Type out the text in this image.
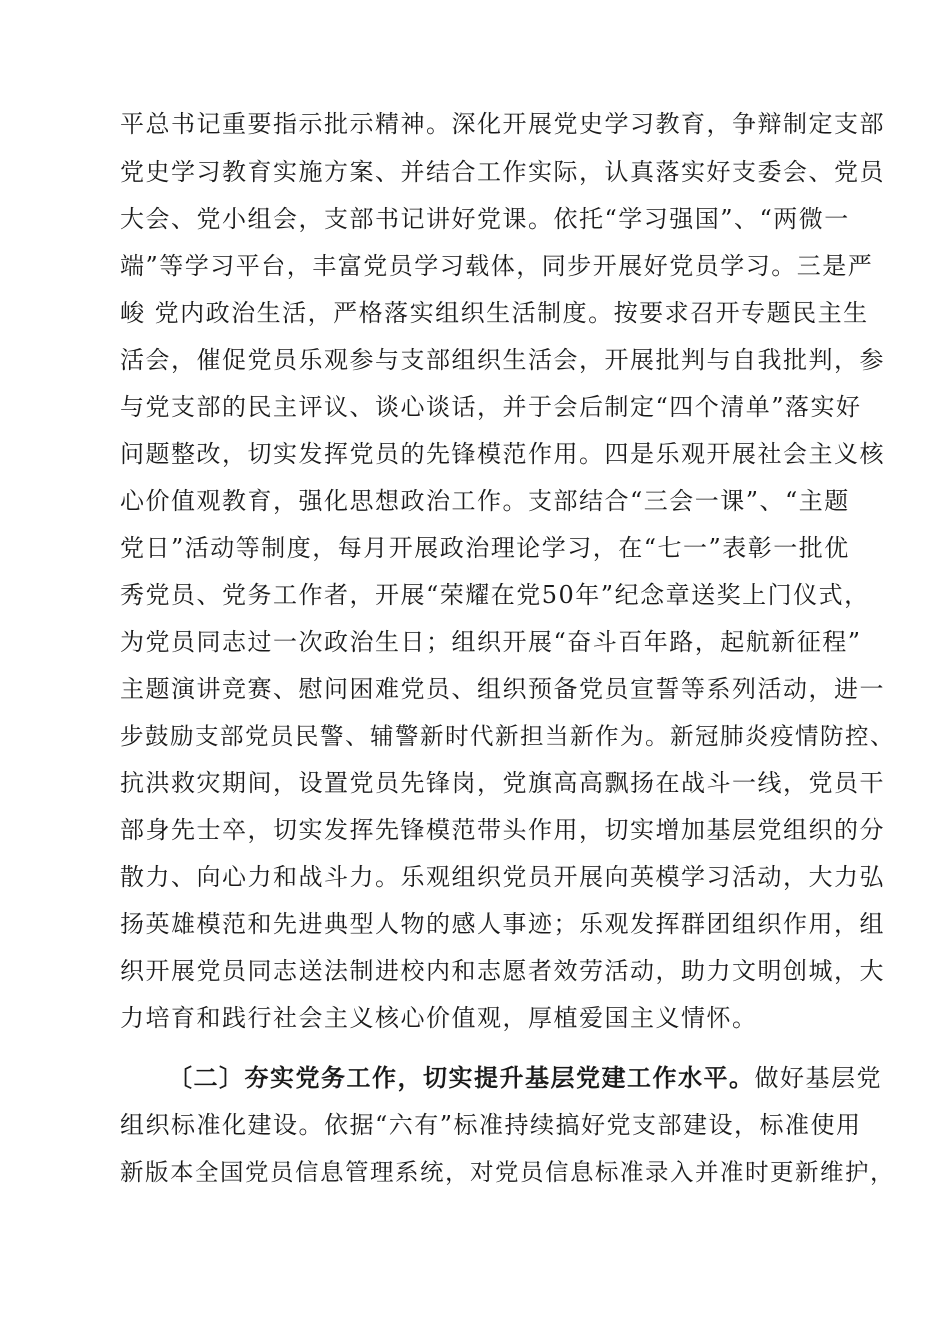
平总书记重要指示批示精神。深化开展党史学习教育，争辩制定支部
党史学习教育实施方案、并结合工作实际，认真落实好支委会、党员
大会、党小组会，支部书记讲好党课。依托“学习强国”、“两微一
端”等学习平台，丰富党员学习载体，同步开展好党员学习。三是严
峻 党内政治生活，严格落实组织生活制度。按要求召开专题民主生
活会，催促党员乐观参与支部组织生活会，开展批判与自我批判，参
与党支部的民主评议、谈心谈话，并于会后制定“四个清单”落实好
问题整改，切实发挥党员的先锋模范作用。四是乐观开展社会主义核
心价值观教育，强化思想政治工作。支部结合“三会一课”、“主题
党日”活动等制度，每月开展政治理论学习，在“七一”表彰一批优
秀党员、党务工作者，开展“荣耀在党50年”纪念章送奖上门仪式，
为党员同志过一次政治生日；组织开展“奋斗百年路，起航新征程”
主题演讲竞赛、慰问困难党员、组织预备党员宣誓等系列活动，进一
步鼓励支部党员民警、辅警新时代新担当新作为。新冠肺炎疫情防控、
抗洪救灾期间，设置党员先锋岗，党旗高高飘扬在战斗一线，党员干
部身先士卒，切实发挥先锋模范带头作用，切实增加基层党组织的分
散力、向心力和战斗力。乐观组织党员开展向英模学习活动，大力弘
扬英雄模范和先进典型人物的感人事迹；乐观发挥群团组织作用，组
织开展党员同志送法制进校内和志愿者效劳活动，助力文明创城，大
力培育和践行社会主义核心价值观，厚植爱国主义情怀。
〔二〕夯实党务工作，切实提升基层党建工作水平。做好基层党
组织标准化建设。依据“六有”标准持续搞好党支部建设，标准使用
新版本全国党员信息管理系统，对党员信息标准录入并准时更新维护，
